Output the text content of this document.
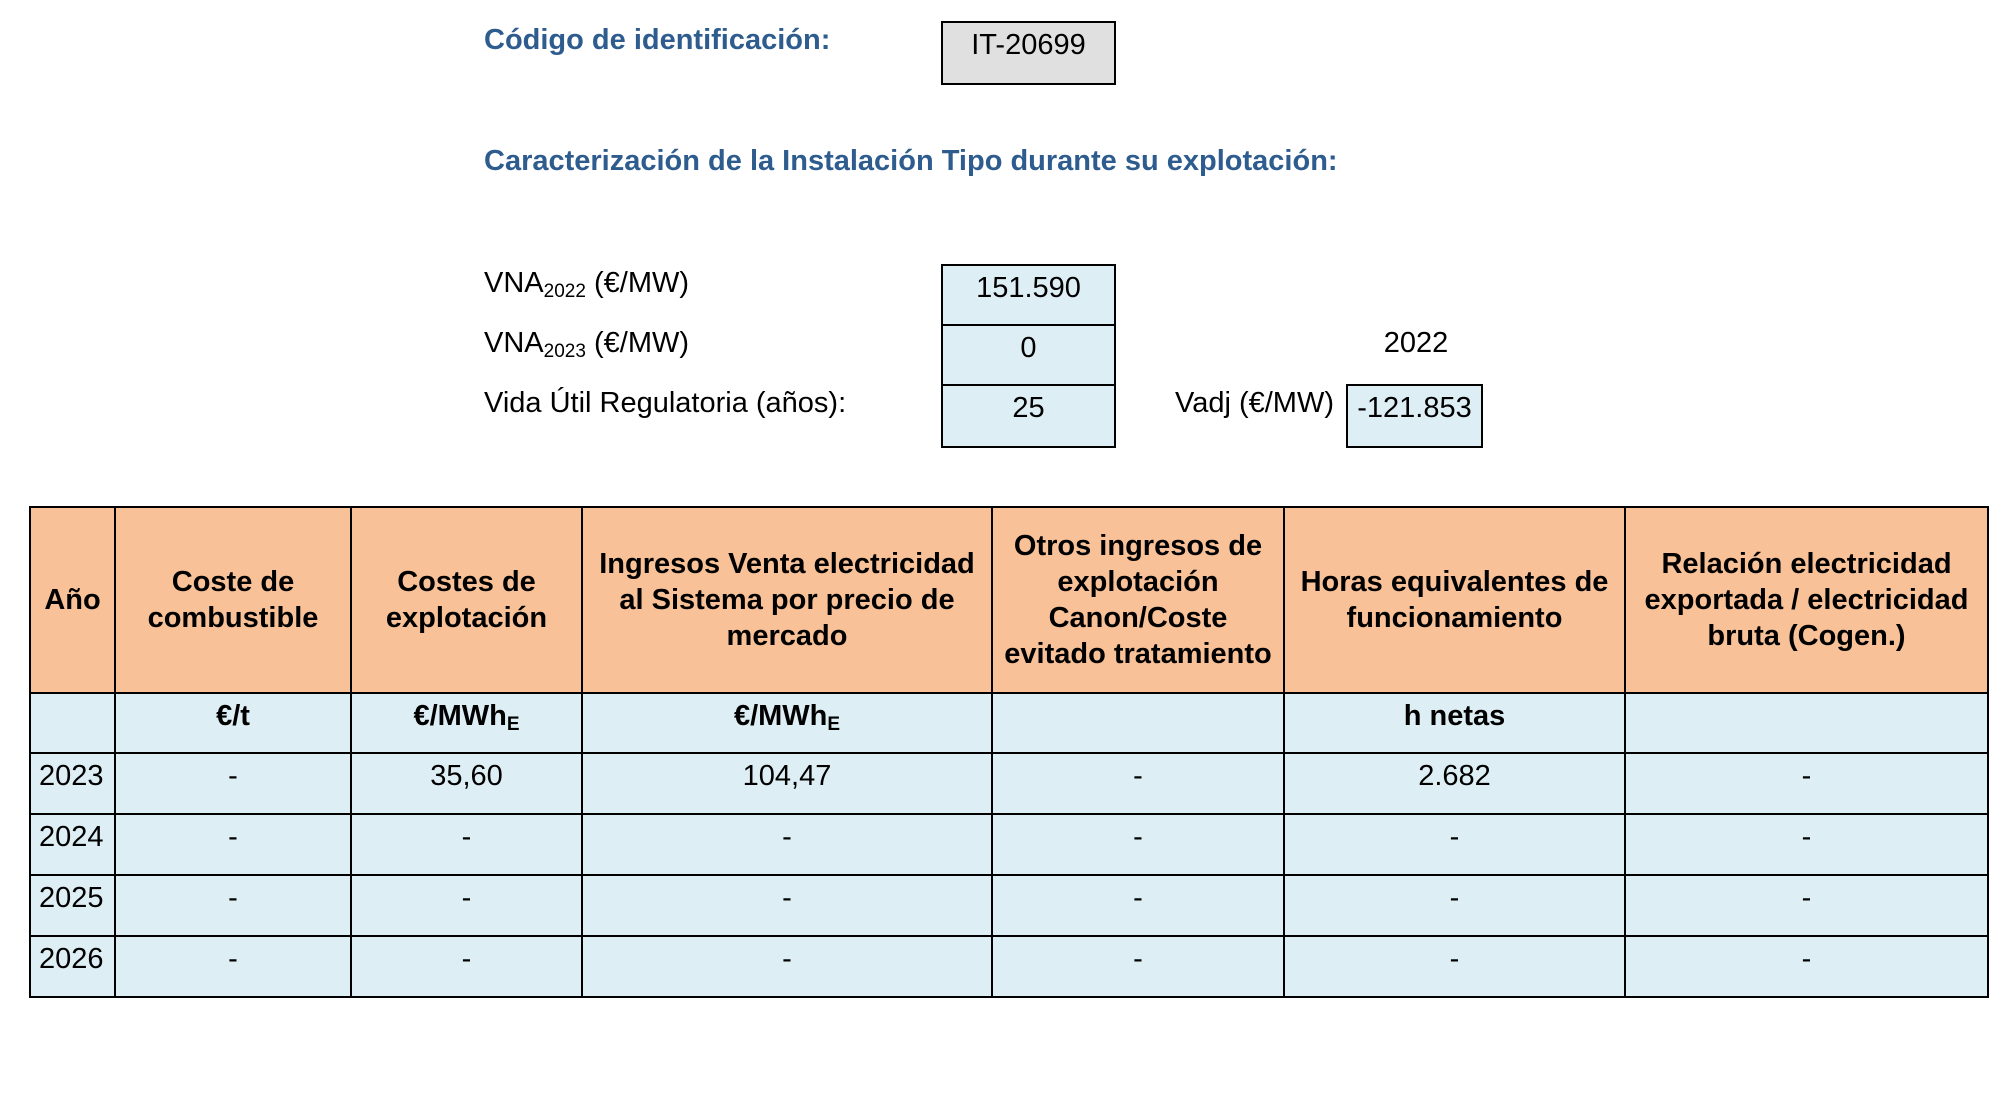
Código de identificación:	IT-20699
Caracterización de la Instalación Tipo durante su explotación:
$VNA_{2022}$ (€/MW)	151.590
$VNA_{2023}$ (€/MW)	0	2022
Vida Útil Regulatoria (años):	25	Vadj (€/MW) -121.853
Año	Coste de combustible	Costes de explotación	Ingresos Venta electricidad al Sistema por precio de mercado	Otros ingresos de explotación Canon/Coste evitado tratamiento	Horas equivalentes de funcionamiento	Relación electricidad exportada / electricidad bruta (Cogen.)
	€/t	€/MWhE	€/MWhE		h netas	
2023	-	35,60	104,47	-	2.682	-
2024	-	-	-	-	-	-
2025	-	-	-	-	-	-
2026	-	-	-	-	-	-
